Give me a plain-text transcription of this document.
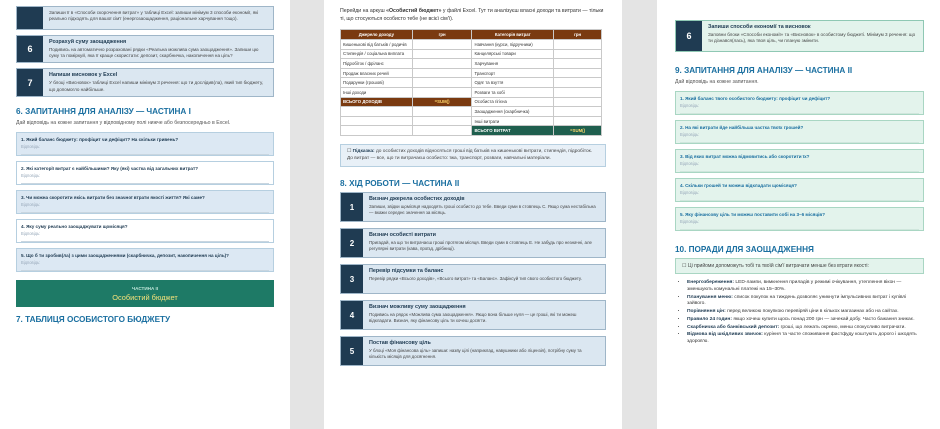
Запиши її в «Способи скорочення витрат» у таблиці Excel: запиши мінімум 3 способи економії, які реально підходять для вашої сім'ї (енергозаощадження, раціональне харчування тощо).
6
Розрахуй суму заощадження
Подивись на автоматично розраховані рядки «Реальна можлива сума заощадження». Запиши цю суму та поміркуй, яка її краще скористати: депозит, скарбничка, накопичення на ціль?
7
Напиши висновок у Excel
У блоці «Висновок» таблиці Excel напиши мінімум 3 речення: що ти дослідив(ла), який тип бюджету, що допомогло найбільше.
6. ЗАПИТАННЯ ДЛЯ АНАЛІЗУ — ЧАСТИНА І
Дай відповідь на кожне запитання у відповідному полі нижче або безпосередньо в Excel.
1. Який баланс бюджету: профіцит чи дефіцит? На скільки гривень?
Відповідь:
2. Які категорії витрат є найбільшими? Яку (які) частка від загальних витрат?
Відповідь:
3. Чи можна скоротити якісь витрати без значної втрати якості життя? Які саме?
Відповідь:
4. Яку суму реально заощаджувати щомісяця?
Відповідь:
5. Що б ти зробив(ла) з цими заощадженнями (скарбничка, депозит, накопичення на ціль)?
Відповідь:
ЧАСТИНА II
Особистий бюджет
7. ТАБЛИЦЯ ОСОБИСТОГО БЮДЖЕТУ
Перейди на аркуш «Особистий бюджет» у файлі Excel. Тут ти аналізуєш власні доходи та витрати — тільки ті, що стосуються особисто тебе (не всієї сім'ї).
Джерело доходу	грн	Категорія витрат	грн
Кишенькові від батьків / родичів		Навчання (курси, підручники)	
Стипендія / соціальна виплата		Канцелярські товари	
Підробіток / фріланс		Харчування	
Продаж власних речей		Транспорт	
Подарунки (грошові)		Одяг та взуття	
Інші доходи		Розваги та хобі	
ВСЬОГО ДОХОДІВ	=SUM()	Особиста гігієна	
		Заощадження (скарбничка)	
		Інші витрати	
		ВСЬОГО ВИТРАТ	=SUM()
☐ Підказка: до особистих доходів відносяться гроші від батьків на кишенькові витрати, стипендія, підробіток. До витрат — все, що ти витрачаєш особисто: їжа, транспорт, розваги, навчальні матеріали.
8. ХІД РОБОТИ — ЧАСТИНА ІІ
1
Визнач джерела особистих доходів
Запиши, звідки щомісяця надходять гроші особисто до тебе. Введи суми в стовпець С. Якщо сума нестабільна — вкажи середнє значення за місяць.
2
Визнач особисті витрати
Пригадай, на що ти витрачаєш гроші протягом місяця. Введи суми в стовпець E. Не забудь про незначні, але регулярні витрати (кава, проїзд, дрібниці).
3
Перевір підсумки та баланс
Перевір рядки «Всього доходів», «Всього витрат» та «Баланс». Зафіксуй тип свого особистого бюджету.
4
Визнач можливу суму заощадження
Подивись на рядок «Можлива сума заощадження». Якщо вона більше нуля — це гроші, які ти можеш відкладати. Визнач, яку фінансову ціль ти хочеш досягти.
5
Постав фінансову ціль
У блоці «Моя фінансова ціль» запиши: назву цілі (наприклад, навушники або ліцензія), потрібну суму та кількість місяців для досягнення.
6
Запиши способи економії та висновок
Заповни блоки «Способи економії» та «Висновок» в особистому бюджеті. Мінімум 3 речення: що ти дізнався(лась), яка твоя ціль, чи планую змінити.
9. ЗАПИТАННЯ ДЛЯ АНАЛІЗУ — ЧАСТИНА ІІ
Дай відповідь на кожне запитання.
1. Який баланс твого особистого бюджету: профіцит чи дефіцит?
Відповідь:
2. На які витрати йде найбільша частка твоїх грошей?
Відповідь:
3. Від яких витрат можна відмовитись або скоротити їх?
Відповідь:
4. Скільки грошей ти можеш відкладати щомісяця?
Відповідь:
5. Яку фінансову ціль ти можеш поставити собі на 3–6 місяців?
Відповідь:
10. ПОРАДИ ДЛЯ ЗАОЩАДЖЕННЯ
☐ Ці прийоми допоможуть тобі та твоїй сім'ї витрачати менше без втрати якості:
• Енергозбереження: LED-лампи, вимкнення приладів у режимі очікування, утеплення вікон — зменшують комунальні платежі на 15–30%.
• Планування меню: список покупок на тиждень дозволяє уникнути імпульсивних витрат і купівлі зайвого.
• Порівняння цін: перед великою покупкою перевіряй ціни в кількох магазинах або на сайтах.
• Правило 24 годин: якщо хочеш купити щось понад 200 грн — зачекай добу. Часто бажання зникає.
• Скарбничка або банківський депозит: гроші, що лежать окремо, менш спокусливо витрачати.
• Відмова від шкідливих звичок: куріння та часте споживання фастфуду коштують дорого і шкодять здоров'ю.
